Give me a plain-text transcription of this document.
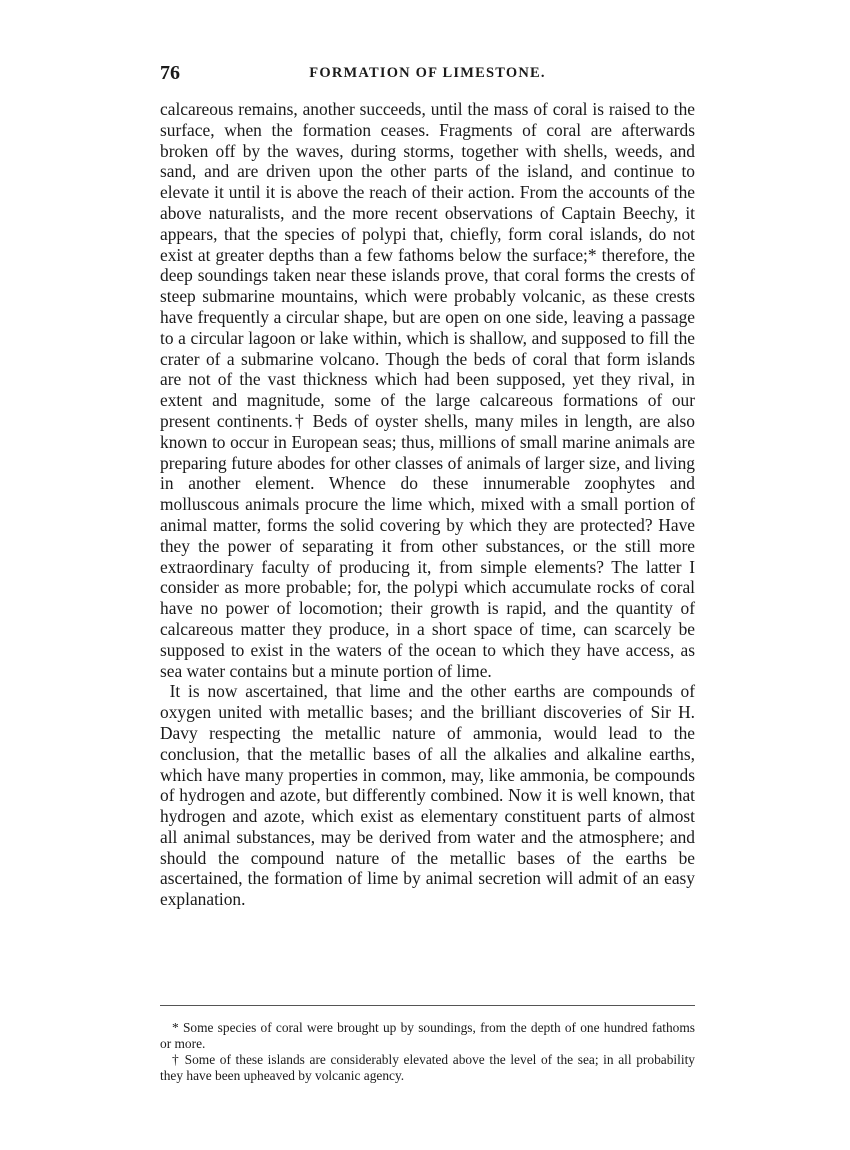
76	FORMATION OF LIMESTONE.

calcareous remains, another succeeds, until the mass of coral is raised to the surface, when the formation ceases. Fragments of coral are afterwards broken off by the waves, during storms, together with shells, weeds, and sand, and are driven upon the other parts of the island, and continue to elevate it until it is above the reach of their action. From the accounts of the above naturalists, and the more recent observations of Captain Beechy, it appears, that the species of polypi that, chiefly, form coral islands, do not exist at greater depths than a few fathoms below the surface;* therefore, the deep soundings taken near these islands prove, that coral forms the crests of steep submarine mountains, which were probably volcanic, as these crests have frequently a circular shape, but are open on one side, leaving a passage to a circular lagoon or lake within, which is shallow, and supposed to fill the crater of a submarine volcano. Though the beds of coral that form islands are not of the vast thickness which had been supposed, yet they rival, in extent and magnitude, some of the large calcareous formations of our present continents.† Beds of oyster shells, many miles in length, are also known to occur in European seas; thus, millions of small marine animals are preparing future abodes for other classes of animals of larger size, and living in another element. Whence do these innumerable zoophytes and molluscous animals procure the lime which, mixed with a small portion of animal matter, forms the solid covering by which they are protected? Have they the power of separating it from other substances, or the still more extraordinary faculty of producing it, from simple elements? The latter I consider as more probable; for, the polypi which accumulate rocks of coral have no power of locomotion; their growth is rapid, and the quantity of calcareous matter they produce, in a short space of time, can scarcely be supposed to exist in the waters of the ocean to which they have access, as sea water contains but a minute portion of lime.

It is now ascertained, that lime and the other earths are compounds of oxygen united with metallic bases; and the brilliant discoveries of Sir H. Davy respecting the metallic nature of ammonia, would lead to the conclusion, that the metallic bases of all the alkalies and alkaline earths, which have many properties in common, may, like ammonia, be compounds of hydrogen and azote, but differently combined. Now it is well known, that hydrogen and azote, which exist as elementary constituent parts of almost all animal substances, may be derived from water and the atmosphere; and should the compound nature of the metallic bases of the earths be ascertained, the formation of lime by animal secretion will admit of an easy explanation.

* Some species of coral were brought up by soundings, from the depth of one hundred fathoms or more.

† Some of these islands are considerably elevated above the level of the sea; in all probability they have been upheaved by volcanic agency.
